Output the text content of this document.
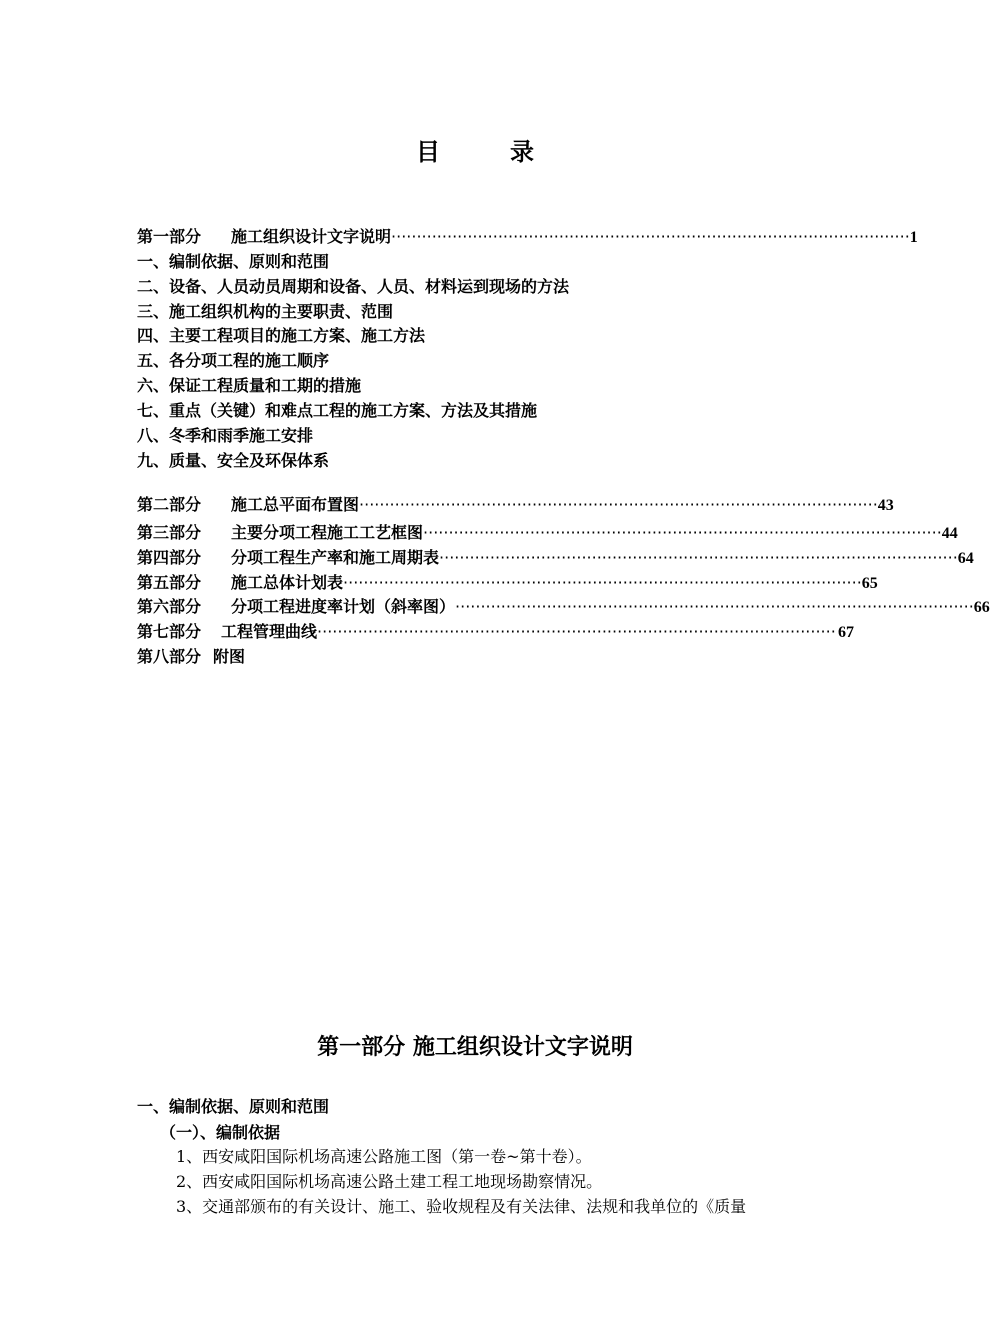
目	录
第一部分 施工组织设计文字说明 ······································································································ 1
一、编制依据、原则和范围
二、设备、人员动员周期和设备、人员、材料运到现场的方法
三、施工组织机构的主要职责、范围
四、主要工程项目的施工方案、施工方法
五、各分项工程的施工顺序
六、保证工程质量和工期的措施
七、重点（关键）和难点工程的施工方案、方法及其措施
八、冬季和雨季施工安排
九、质量、安全及环保体系
第二部分 施工总平面布置图 ······································································································ 43
第三部分 主要分项工程施工工艺框图 ······································································································ 44
第四部分 分项工程生产率和施工周期表 ······································································································ 64
第五部分 施工总体计划表 ······································································································ 65
第六部分 分项工程进度率计划（斜率图） ······································································································ 66
第七部分 工程管理曲线 ······································································································ 67
第八部分 附图
第一部分 施工组织设计文字说明
一、编制依据、原则和范围
（一）、编制依据
1、西安咸阳国际机场高速公路施工图（第一卷~第十卷）。
2、西安咸阳国际机场高速公路土建工程工地现场勘察情况。
3、交通部颁布的有关设计、施工、验收规程及有关法律、法规和我单位的《质量
